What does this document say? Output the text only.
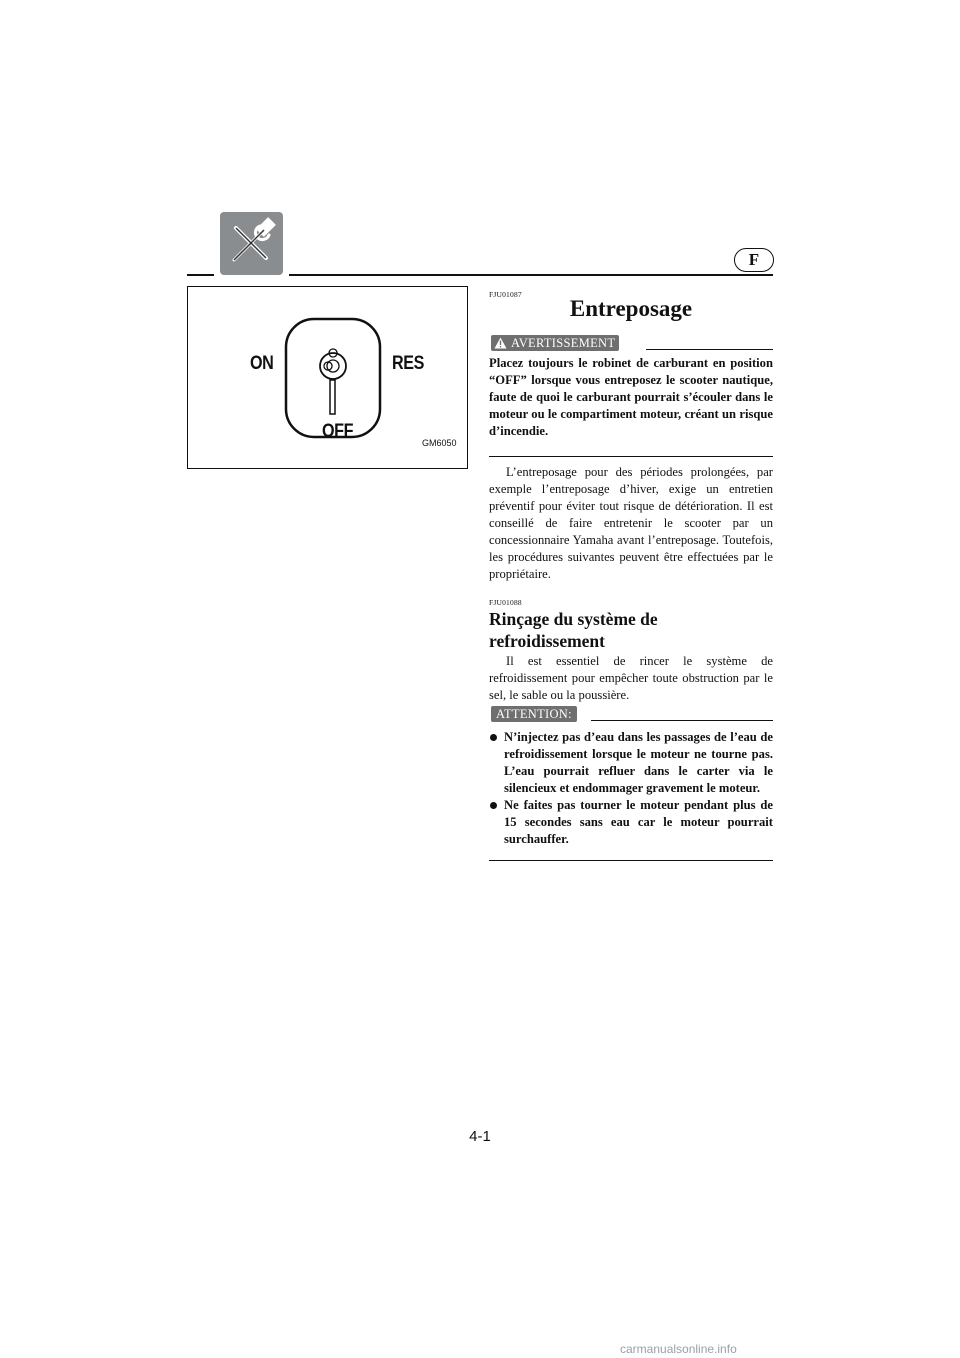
F
ON	RES
OFF
GM6050
FJU01087
Entreposage
AVERTISSEMENT
Placez toujours le robinet de carburant en position “OFF” lorsque vous entreposez le scooter nautique, faute de quoi le carburant pourrait s’écouler dans le moteur ou le compartiment moteur, créant un risque d’incendie.
L’entreposage pour des périodes prolongées, par exemple l’entreposage d’hiver, exige un entretien préventif pour éviter tout risque de détérioration. Il est conseillé de faire entretenir le scooter par un concessionnaire Yamaha avant l’entreposage. Toutefois, les procédures suivantes peuvent être effectuées par le propriétaire.
FJU01088
Rinçage du système de refroidissement
Il est essentiel de rincer le système de refroidissement pour empêcher toute obstruction par le sel, le sable ou la poussière.
ATTENTION:
N’injectez pas d’eau dans les passages de l’eau de refroidissement lorsque le moteur ne tourne pas. L’eau pourrait refluer dans le carter via le silencieux et endommager gravement le moteur.
Ne faites pas tourner le moteur pendant plus de 15 secondes sans eau car le moteur pourrait surchauffer.
4-1
carmanualsonline.info
